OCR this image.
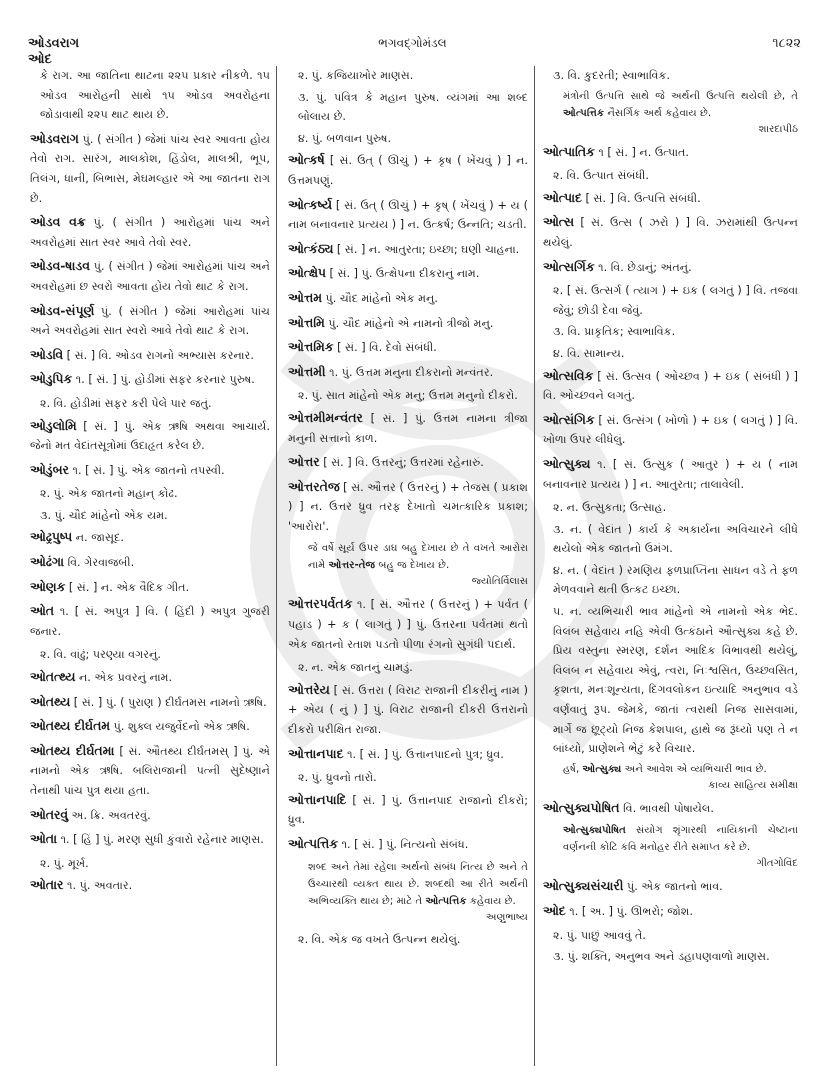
ઓડવરાગ
ઓદ
ભગવદ્ગોમંડલ	૧૮૨૨
કે રાગ. આ જાતિના થાટના ૨૨૫ પ્રકાર નીકળે. ૧૫ ઓડવ આરોહની સાથે ૧૫ ઓડવ અવરોહના જોડાવાથી ૨૨૫ થાટ થાય છે.
ઓડવરાગ પું. ( સંગીત ) જેમાં પાંચ સ્વર આવતા હોય તેવો રાગ. સારંગ, માલકોશ, હિંડોલ, માલશ્રી, ભૂપ, તિલંગ, ધાની, બિભાસ, મેઘમલ્હાર એ આ જાતના રાગ છે.
ઓડવ વક્ર પું. ( સંગીત ) આરોહમાં પાંચ અને અવરોહમાં સાત સ્વર આવે તેવો સ્વર.
ઓડવ-ષાડવ પું. ( સંગીત ) જેમાં આરોહમાં પાંચ અને અવરોહમાં છ સ્વરો આવતા હોય તેવો થાટ કે રાગ.
ઓડવ-સંપૂર્ણ પું. ( સંગીત ) જેમાં આરોહમાં પાંચ અને અવરોહમાં સાત સ્વરો આવે તેવો થાટ કે રાગ.
ઓડવિ [ સં. ] વિ. ઓડવ રાગનો અભ્યાસ કરનાર.
ઓડુપિક ૧. [ સં. ] પું. હોડીમાં સફર કરનાર પુરુષ.
૨. વિ. હોડીમાં સફર કરી પેલે પાર જતું.
ઓડુલોમિ [ સં. ] પું. એક ઋષિ અથવા આચાર્ય. જેનો મત વેદાંતસૂત્રોમાં ઉદાહૃત કરેલ છે.
ઓડુંબર ૧. [ સં. ] પું. એક જાતનો તપસ્વી.
૨. પું. એક જાતનો મહાન્ કોઢ.
૩. પું. ચૌદ માંહેનો એક યમ.
ઓઢ્રપુષ્પ ન. જાસૂદ.
ઓઢંગા વિ. ગેરવાજબી.
ઓણક [ સં. ] ન. એક વૈદિક ગીત.
ઓત ૧. [ સં. અપુત્ર ] વિ. ( હિંદી ) અપુત્ર ગુજરી જનાર.
૨. વિ. વાંઢું; પરણ્યા વગરનું.
ઓતત્થ્ય ન. એક પ્રવરનું નામ.
ઓતથ્ય [ સં. ] પું. ( પુરાણ ) દીર્ઘતમસ નામનો ઋષિ.
ઓતથ્ય દીર્ઘતમ પું. શુક્લ યજુર્વેદનો એક ઋષિ.
ઓતથ્ય દીર્ઘતમા [ સં. ઔતથ્ય દીર્ઘતમસ્ ] પું. એ નામનો એક ઋષિ. બલિરાજાની પત્ની સુદેષ્ણાને તેનાથી પાંચ પુત્ર થયા હતા.
ઓતરવું અ. ક્રિ. અવતરવું.
ઓતા ૧. [ હિં ] પું. મરણ સુધી કુંવારો રહેનાર માણસ.
૨. પું. મૂર્ખ.
ઓતાર ૧. પું. અવતાર.
૨. પું. કજિયાખોર માણસ.
૩. પું. પવિત્ર કે મહાન પુરુષ. વ્યંગમાં આ શબ્દ બોલાય છે.
૪. પું. બળવાન પુરુષ.
ઓત્કર્ષ [ સં. ઉત્ ( ઊચું ) + કૃષ ( ખેંચવું ) ] ન. ઉત્તમપણું.
ઓત્કર્ષ્ય [ સં. ઉત્ ( ઊચું ) + કૃષ્ ( ખેંચવું ) + ય ( નામ બનાવનાર પ્રત્યય ) ] ન. ઉત્કર્ષ; ઉન્નતિ; ચડતી.
ઓત્કંઠ્ય [ સં. ] ન. આતુરતા; ઇચ્છા; ઘણી ચાહના.
ઓત્ક્ષેપ [ સં. ] પું. ઉત્ક્ષેપના દીકરાનું નામ.
ઓત્તમ પું. ચૌદ માંહેનો એક મનુ.
ઓત્તમિ પું. ચૌદ માંહેનો એ નામનો ત્રીજો મનુ.
ઓત્તમિક [ સં. ] વિ. દેવો સંબંધી.
ઓત્તમી ૧. પું. ઉત્તમ મનુના દીકરાનો મન્વંતર.
૨. પું. સાત માંહેનો એક મનુ; ઉત્તમ મનુનો દીકરો.
ઓત્તમીમન્વંતર [ સં. ] પું. ઉત્તમ નામના ત્રીજા મનુની સત્તાનો કાળ.
ઓત્તર [ સં. ] વિ. ઉત્તરનું; ઉત્તરમાં રહેનારું.
ઓત્તરતેજ [ સં. ઔત્તર ( ઉત્તરનું ) + તેજસ ( પ્રકાશ ) ] ન. ઉત્તર ધ્રુવ તરફ દેખાતો ચમત્કારિક પ્રકાશ; 'આરોરા'.
જે વર્ષે સૂર્ય ઉપર ડાઘ બહુ દેખાય છે તે વખતે આરોરા નામે ઓત્તર-તેજ બહુ જ દેખાય છે.
જ્યોતિર્વિલાસ
ઓત્તરપર્વતક ૧. [ સં. ઔત્તર ( ઉત્તરનું ) + પર્વત ( પહાડ ) + ક ( લાગતું ) ] પું. ઉત્તરના પર્વતમાં થતો એક જાતનો રતાશ પડતો પીળા રંગનો સુગંધી પદાર્થ.
૨. ન. એક જાતનું ચામડું.
ઓત્તરેય [ સં. ઉત્તરા ( વિરાટ રાજાની દીકરીનું નામ ) + એય ( નું ) ] પું. વિરાટ રાજાની દીકરી ઉત્તરાનો દીકરો પરીક્ષિત રાજા.
ઓત્તાનપાદ ૧. [ સં. ] પું. ઉત્તાનપાદનો પુત્ર; ધ્રુવ.
૨. પું. ધ્રુવનો તારો.
ઓત્તાનપાદિ [ સં. ] પું. ઉત્તાનપાદ રાજાનો દીકરો; ધ્રુવ.
ઓત્પત્તિક ૧. [ સં. ] પું. નિત્યનો સંબંધ.
શબ્દ અને તેમાં રહેલા અર્થનો સંબંધ નિત્ય છે અને તે ઉચ્ચારથી વ્યક્ત થાય છે. શબ્દથી આ રીતે અર્થની અભિવ્યક્તિ થાય છે; માટે તે ઓત્પત્તિક કહેવાય છે.
અણુભાષ્ય
૨. વિ. એક જ વખતે ઉત્પન્ન થયેલું.
૩. વિ. કુદરતી; સ્વાભાવિક.
મંત્રોની ઉત્પત્તિ સાથે જે અર્થની ઉત્પત્તિ થયેલી છે, તે ઓત્પત્તિક નૈસર્ગિક અર્થ કહેવાય છે.
શારદાપીઠ
ઓત્પાતિક ૧ [ સં. ] ન. ઉત્પાત.
૨. વિ. ઉત્પાત સંબંધી.
ઓત્પાદ [ સં. ] વિ. ઉત્પત્તિ સંબંધી.
ઓત્સ [ સં. ઉત્સ ( ઝરો ) ] વિ. ઝરામાંથી ઉત્પન્ન થયેલું.
ઓત્સર્ગિક ૧. વિ. છેડાનું; અંતનું.
૨. [ સં. ઉત્સર્ગ ( ત્યાગ ) + ઇક ( લગતું ) ] વિ. તજવા જેવું; છોડી દેવા જેવું.
૩. વિ. પ્રાકૃતિક; સ્વાભાવિક.
૪. વિ. સામાન્ય.
ઓત્સવિક [ સં. ઉત્સવ ( ઓચ્છવ ) + ઇક ( સંબંધી ) ] વિ. ઓચ્છવને લગતું.
ઓત્સંગિક [ સં. ઉત્સંગ ( ખોળો ) + ઇક ( લગતું ) ] વિ. ખોળા ઉપર લીધેલું.
ઓત્સુક્ય ૧. [ સં. ઉત્સુક ( આતુર ) + ય ( નામ બનાવનાર પ્રત્યય ) ] ન. આતુરતા; તાલાવેલી.
૨. ન. ઉત્સુકતા; ઉત્સાહ.
૩. ન. ( વેદાંત ) કાર્ય કે અકાર્યના અવિચારને લીધે થયેલો એક જાતનો ઉમંગ.
૪. ન. ( વેદાંત ) રમણિય ફળપ્રાપ્તિના સાધન વડે તે ફળ મેળવવાને થતી ઉત્કટ ઇચ્છા.
૫. ન. વ્યભિચારી ભાવ માંહેનો એ નામનો એક ભેદ. વિલંબ સહેવાય નહિ એવી ઉત્કંઠાને ઔત્સુક્ય કહે છે. પ્રિય વસ્તુના સ્મરણ, દર્શન આદિક વિભાવથી થયેલું, વિલંબ ન સહેવાય એવું, ત્વરા, નિઃશ્વસિત, ઉચ્છ્વસિત, કૃશતા, મનઃશૂન્યતા, દિગવલોકન ઇત્યાદિ અનુભાવ વડે વર્ણવાતું રૂપ. જેમકે, જાતાં ત્વરાથી નિજ સાસવામાં, માર્ગે જ છૂટ્યો નિજ કેશપાલ, હાથે જ રૂંધ્યો પણ તે ન બાંધ્યો, પ્રાણેશને ભેટું કરે વિચાર.
હર્ષ, ઓત્સુક્ય અને આવેશ એ વ્યભિચારી ભાવ છે.
કાવ્ય સાહિત્ય સમીક્ષા
ઓત્સુક્યપોષિત વિ. ભાવથી પોષાયેલ.
ઓત્સુક્યપોષિત સંયોગ શૃંગારથી નાયિકાની ચેષ્ટાના વર્ણનની કોટિ કવિ મનોહર રીતે સમાપ્ત કરે છે.
ગીતગોવિંદ
ઓત્સુક્યસંચારી પું. એક જાતનો ભાવ.
ઓદ ૧. [ અ. ] પું. ઊભરો; જોશ.
૨. પું. પાછું આવવું તે.
૩. પું. શક્તિ, અનુભવ અને ડહાપણવાળો માણસ.
